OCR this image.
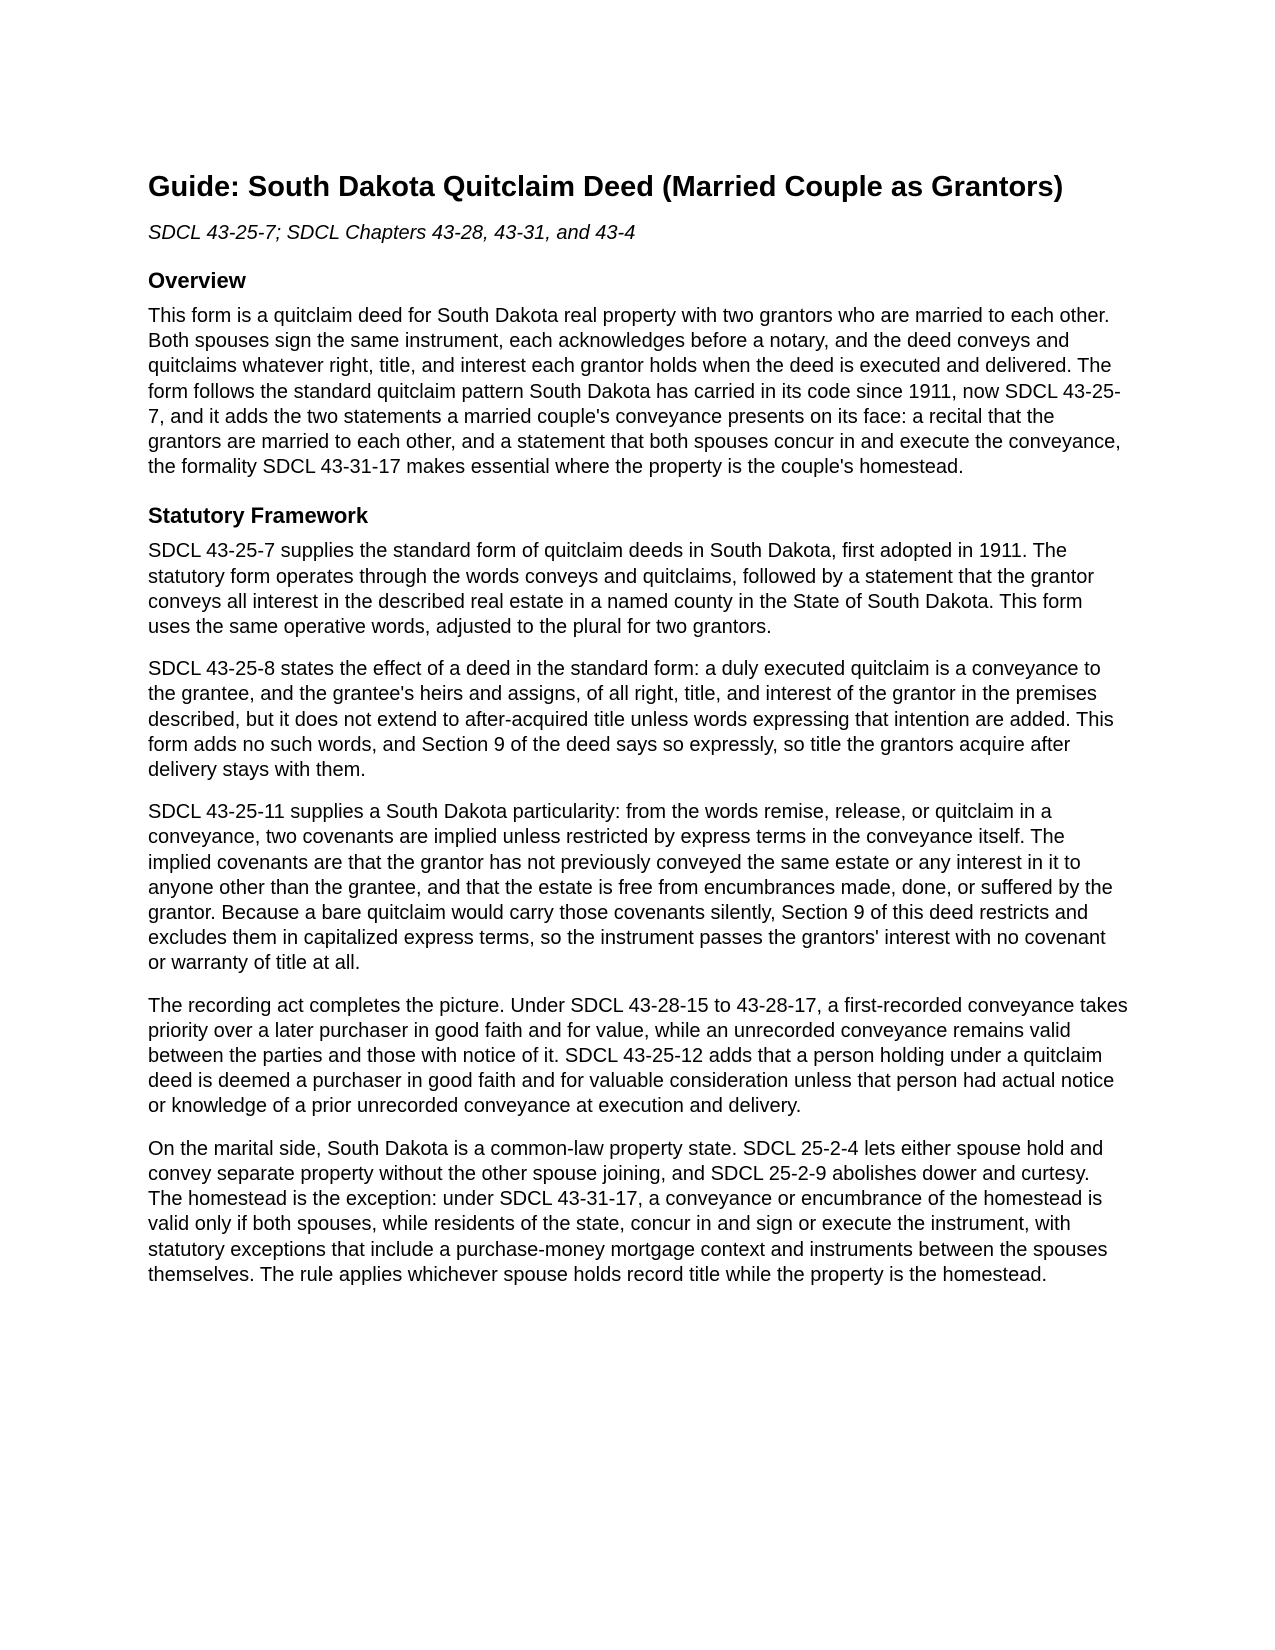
Guide: South Dakota Quitclaim Deed (Married Couple as Grantors)

SDCL 43-25-7; SDCL Chapters 43-28, 43-31, and 43-4

Overview

This form is a quitclaim deed for South Dakota real property with two grantors who are married to each other. Both spouses sign the same instrument, each acknowledges before a notary, and the deed conveys and quitclaims whatever right, title, and interest each grantor holds when the deed is executed and delivered. The form follows the standard quitclaim pattern South Dakota has carried in its code since 1911, now SDCL 43-25-7, and it adds the two statements a married couple's conveyance presents on its face: a recital that the grantors are married to each other, and a statement that both spouses concur in and execute the conveyance, the formality SDCL 43-31-17 makes essential where the property is the couple's homestead.

Statutory Framework

SDCL 43-25-7 supplies the standard form of quitclaim deeds in South Dakota, first adopted in 1911. The statutory form operates through the words conveys and quitclaims, followed by a statement that the grantor conveys all interest in the described real estate in a named county in the State of South Dakota. This form uses the same operative words, adjusted to the plural for two grantors.

SDCL 43-25-8 states the effect of a deed in the standard form: a duly executed quitclaim is a conveyance to the grantee, and the grantee's heirs and assigns, of all right, title, and interest of the grantor in the premises described, but it does not extend to after-acquired title unless words expressing that intention are added. This form adds no such words, and Section 9 of the deed says so expressly, so title the grantors acquire after delivery stays with them.

SDCL 43-25-11 supplies a South Dakota particularity: from the words remise, release, or quitclaim in a conveyance, two covenants are implied unless restricted by express terms in the conveyance itself. The implied covenants are that the grantor has not previously conveyed the same estate or any interest in it to anyone other than the grantee, and that the estate is free from encumbrances made, done, or suffered by the grantor. Because a bare quitclaim would carry those covenants silently, Section 9 of this deed restricts and excludes them in capitalized express terms, so the instrument passes the grantors' interest with no covenant or warranty of title at all.

The recording act completes the picture. Under SDCL 43-28-15 to 43-28-17, a first-recorded conveyance takes priority over a later purchaser in good faith and for value, while an unrecorded conveyance remains valid between the parties and those with notice of it. SDCL 43-25-12 adds that a person holding under a quitclaim deed is deemed a purchaser in good faith and for valuable consideration unless that person had actual notice or knowledge of a prior unrecorded conveyance at execution and delivery.

On the marital side, South Dakota is a common-law property state. SDCL 25-2-4 lets either spouse hold and convey separate property without the other spouse joining, and SDCL 25-2-9 abolishes dower and curtesy. The homestead is the exception: under SDCL 43-31-17, a conveyance or encumbrance of the homestead is valid only if both spouses, while residents of the state, concur in and sign or execute the instrument, with statutory exceptions that include a purchase-money mortgage context and instruments between the spouses themselves. The rule applies whichever spouse holds record title while the property is the homestead.
